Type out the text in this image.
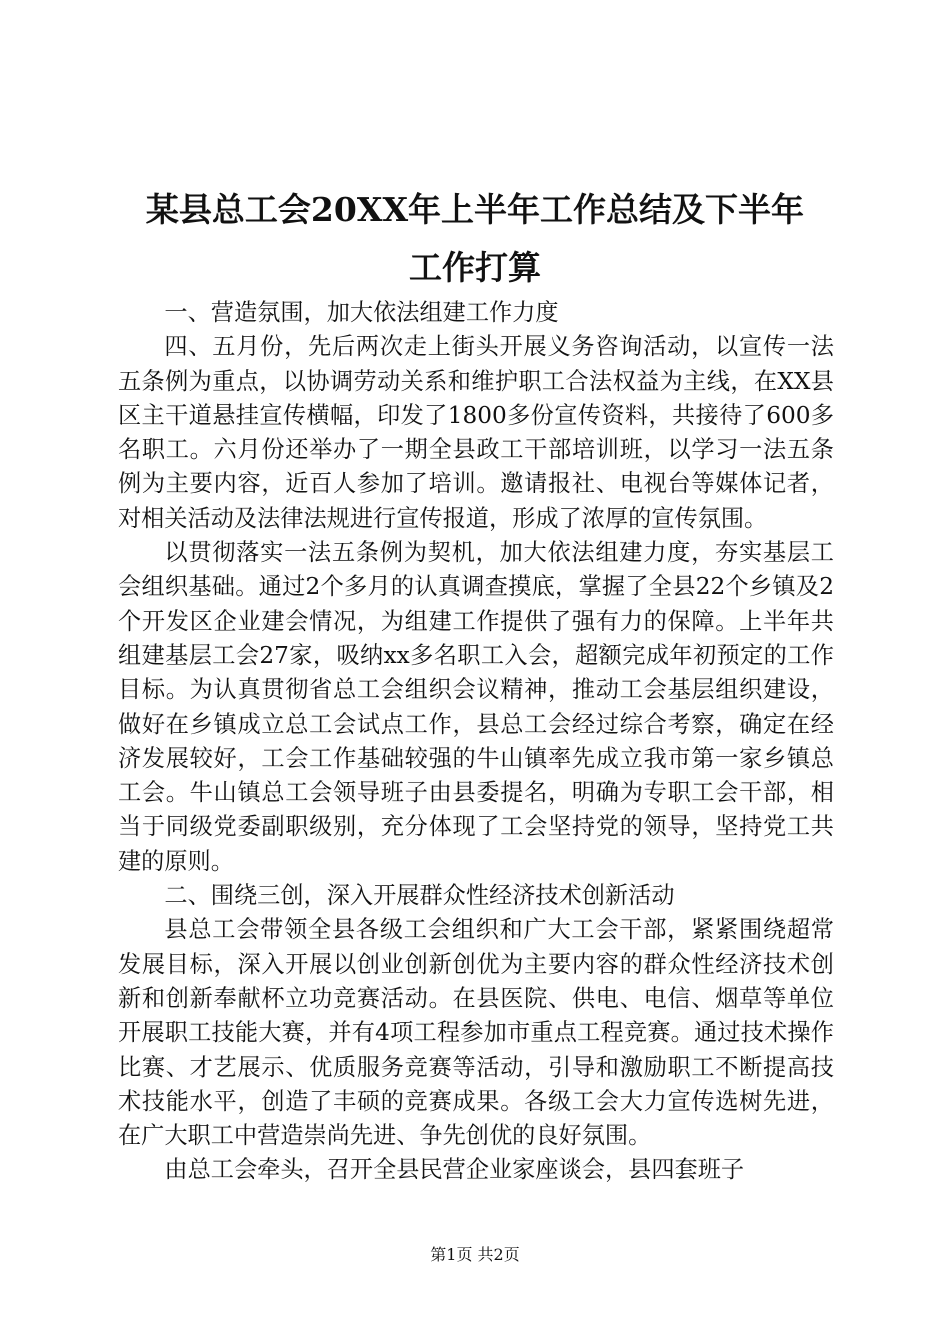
某县总工会20XX年上半年工作总结及下半年
工作打算

一、营造氛围，加大依法组建工作力度

四、五月份，先后两次走上街头开展义务咨询活动，以宣传一法五条例为重点，以协调劳动关系和维护职工合法权益为主线，在XX县区主干道悬挂宣传横幅，印发了1800多份宣传资料，共接待了600多名职工。六月份还举办了一期全县政工干部培训班，以学习一法五条例为主要内容，近百人参加了培训。邀请报社、电视台等媒体记者，对相关活动及法律法规进行宣传报道，形成了浓厚的宣传氛围。

以贯彻落实一法五条例为契机，加大依法组建力度，夯实基层工会组织基础。通过2个多月的认真调查摸底，掌握了全县22个乡镇及2个开发区企业建会情况，为组建工作提供了强有力的保障。上半年共组建基层工会27家，吸纳xx多名职工入会，超额完成年初预定的工作目标。为认真贯彻省总工会组织会议精神，推动工会基层组织建设，做好在乡镇成立总工会试点工作，县总工会经过综合考察，确定在经济发展较好，工会工作基础较强的牛山镇率先成立我市第一家乡镇总工会。牛山镇总工会领导班子由县委提名，明确为专职工会干部，相当于同级党委副职级别，充分体现了工会坚持党的领导，坚持党工共建的原则。

二、围绕三创，深入开展群众性经济技术创新活动

县总工会带领全县各级工会组织和广大工会干部，紧紧围绕超常发展目标，深入开展以创业创新创优为主要内容的群众性经济技术创新和创新奉献杯立功竞赛活动。在县医院、供电、电信、烟草等单位开展职工技能大赛，并有4项工程参加市重点工程竞赛。通过技术操作比赛、才艺展示、优质服务竞赛等活动，引导和激励职工不断提高技术技能水平，创造了丰硕的竞赛成果。各级工会大力宣传选树先进，在广大职工中营造崇尚先进、争先创优的良好氛围。

由总工会牵头，召开全县民营企业家座谈会，县四套班子

第1页 共2页
